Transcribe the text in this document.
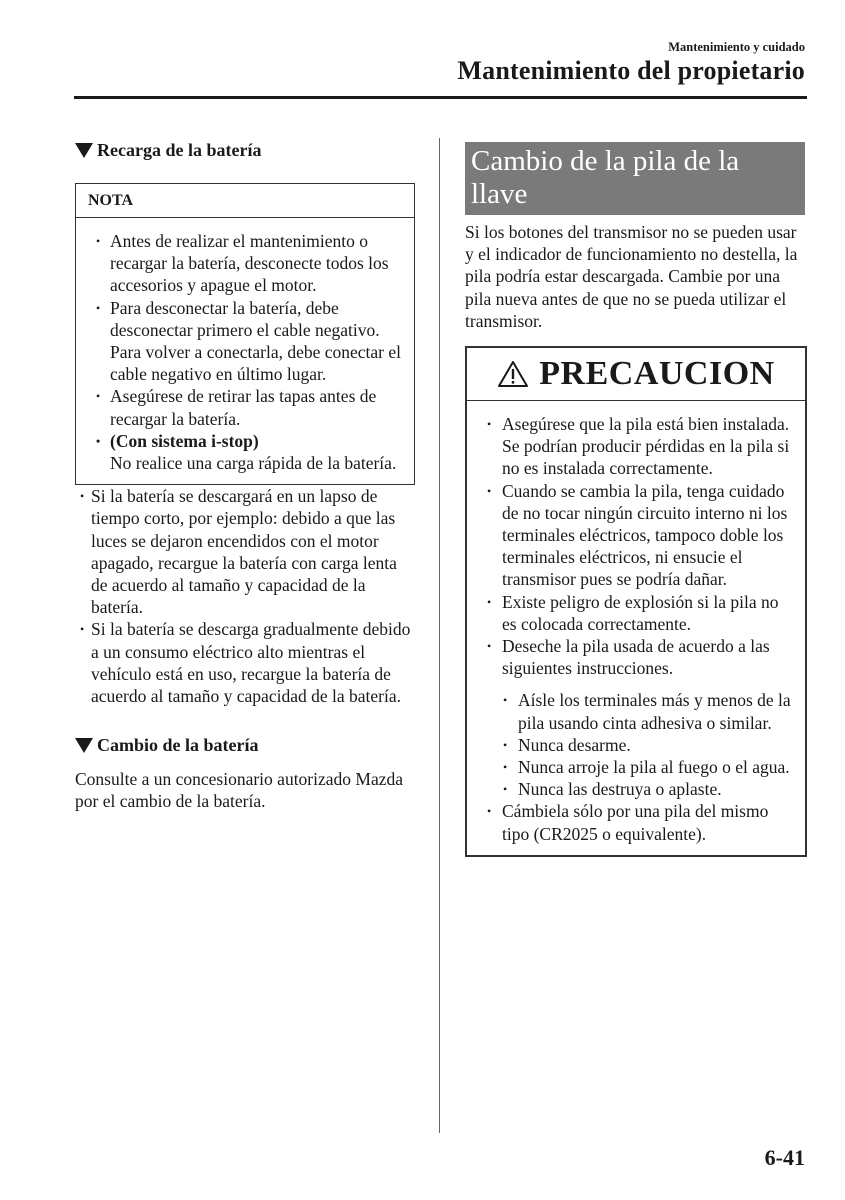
Mantenimiento y cuidado
Mantenimiento del propietario
Recarga de la batería
NOTA
• Antes de realizar el mantenimiento o recargar la batería, desconecte todos los accesorios y apague el motor.
• Para desconectar la batería, debe desconectar primero el cable negativo. Para volver a conectarla, debe conectar el cable negativo en último lugar.
• Asegúrese de retirar las tapas antes de recargar la batería.
• (Con sistema i-stop)
No realice una carga rápida de la batería.
• Si la batería se descargará en un lapso de tiempo corto, por ejemplo: debido a que las luces se dejaron encendidos con el motor apagado, recargue la batería con carga lenta de acuerdo al tamaño y capacidad de la batería.
• Si la batería se descarga gradualmente debido a un consumo eléctrico alto mientras el vehículo está en uso, recargue la batería de acuerdo al tamaño y capacidad de la batería.
Cambio de la batería

Consulte a un concesionario autorizado Mazda por el cambio de la batería.

Cambio de la pila de la llave

Si los botones del transmisor no se pueden usar y el indicador de funcionamiento no destella, la pila podría estar descargada. Cambie por una pila nueva antes de que no se pueda utilizar el transmisor.

PRECAUCION
• Asegúrese que la pila está bien instalada. Se podrían producir pérdidas en la pila si no es instalada correctamente.
• Cuando se cambia la pila, tenga cuidado de no tocar ningún circuito interno ni los terminales eléctricos, tampoco doble los terminales eléctricos, ni ensucie el transmisor pues se podría dañar.
• Existe peligro de explosión si la pila no es colocada correctamente.
• Deseche la pila usada de acuerdo a las siguientes instrucciones.
• Aísle los terminales más y menos de la pila usando cinta adhesiva o similar.
• Nunca desarme.
• Nunca arroje la pila al fuego o el agua.
• Nunca las destruya o aplaste.
• Cámbiela sólo por una pila del mismo tipo (CR2025 o equivalente).
6-41
